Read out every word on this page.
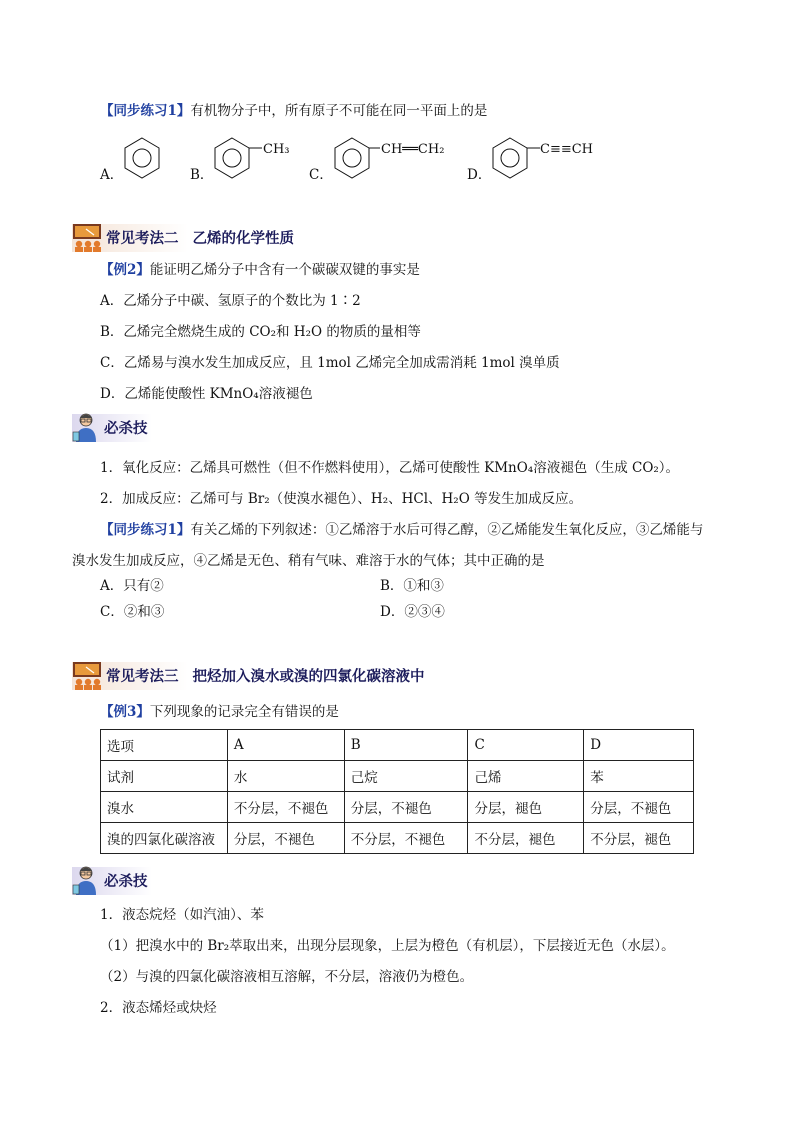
【同步练习1】有机物分子中，所有原子不可能在同一平面上的是
A．	B．
CH₃
C．
CH══CH₂
D．
C≡≡CH
常见考法二 乙烯的化学性质
【例2】能证明乙烯分子中含有一个碳碳双键的事实是
A．乙烯分子中碳、氢原子的个数比为 1∶2
B．乙烯完全燃烧生成的 CO₂和 H₂O 的物质的量相等
C．乙烯易与溴水发生加成反应，且 1mol 乙烯完全加成需消耗 1mol 溴单质
D．乙烯能使酸性 KMnO₄溶液褪色
必杀技
1．氧化反应：乙烯具可燃性（但不作燃料使用），乙烯可使酸性 KMnO₄溶液褪色（生成 CO₂）。
2．加成反应：乙烯可与 Br₂（使溴水褪色）、H₂、HCl、H₂O 等发生加成反应。
【同步练习1】有关乙烯的下列叙述：①乙烯溶于水后可得乙醇，②乙烯能发生氧化反应，③乙烯能与
溴水发生加成反应，④乙烯是无色、稍有气味、难溶于水的气体；其中正确的是
A．只有②	B．①和③
C．②和③	D．②③④
常见考法三 把烃加入溴水或溴的四氯化碳溶液中
【例3】下列现象的记录完全有错误的是
选项	A	B	C	D
试剂	水	己烷	己烯	苯
溴水	不分层，不褪色	分层，不褪色	分层，褪色	分层，不褪色
溴的四氯化碳溶液	分层，不褪色	不分层，不褪色	不分层，褪色	不分层，褪色
必杀技
1．液态烷烃（如汽油）、苯
（1）把溴水中的 Br₂萃取出来，出现分层现象，上层为橙色（有机层），下层接近无色（水层）。
（2）与溴的四氯化碳溶液相互溶解，不分层，溶液仍为橙色。
2．液态烯烃或炔烃
